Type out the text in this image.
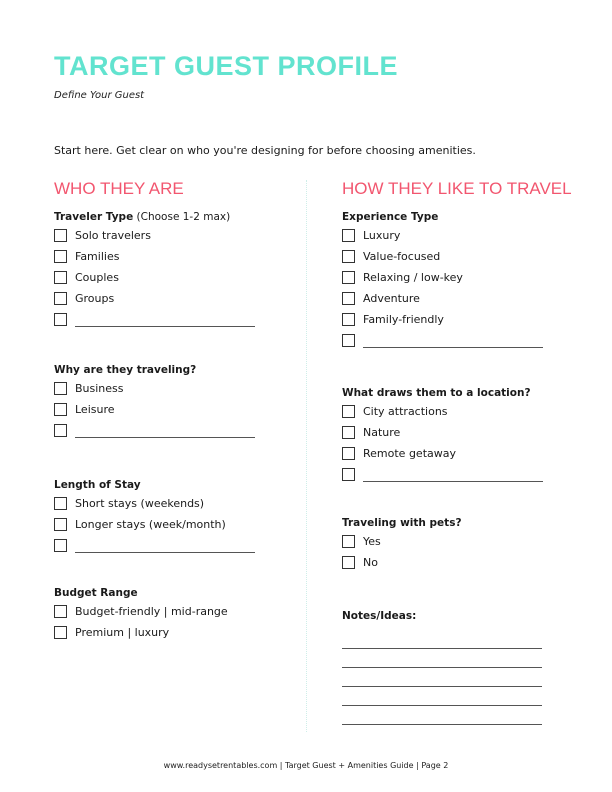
TARGET GUEST PROFILE
Define Your Guest
Start here. Get clear on who you're designing for before choosing amenities.
WHO THEY ARE	HOW THEY LIKE TO TRAVEL
Traveler Type (Choose 1-2 max)
Solo travelers
Families
Couples
Groups
Why are they traveling?
Business
Leisure
Length of Stay
Short stays (weekends)
Longer stays (week/month)
Budget Range
Budget-friendly | mid-range
Premium | luxury
Experience Type
Luxury
Value-focused
Relaxing / low-key
Adventure
Family-friendly
What draws them to a location?
City attractions
Nature
Remote getaway
Traveling with pets?
Yes
No
Notes/Ideas:
www.readysetrentables.com | Target Guest + Amenities Guide | Page 2
